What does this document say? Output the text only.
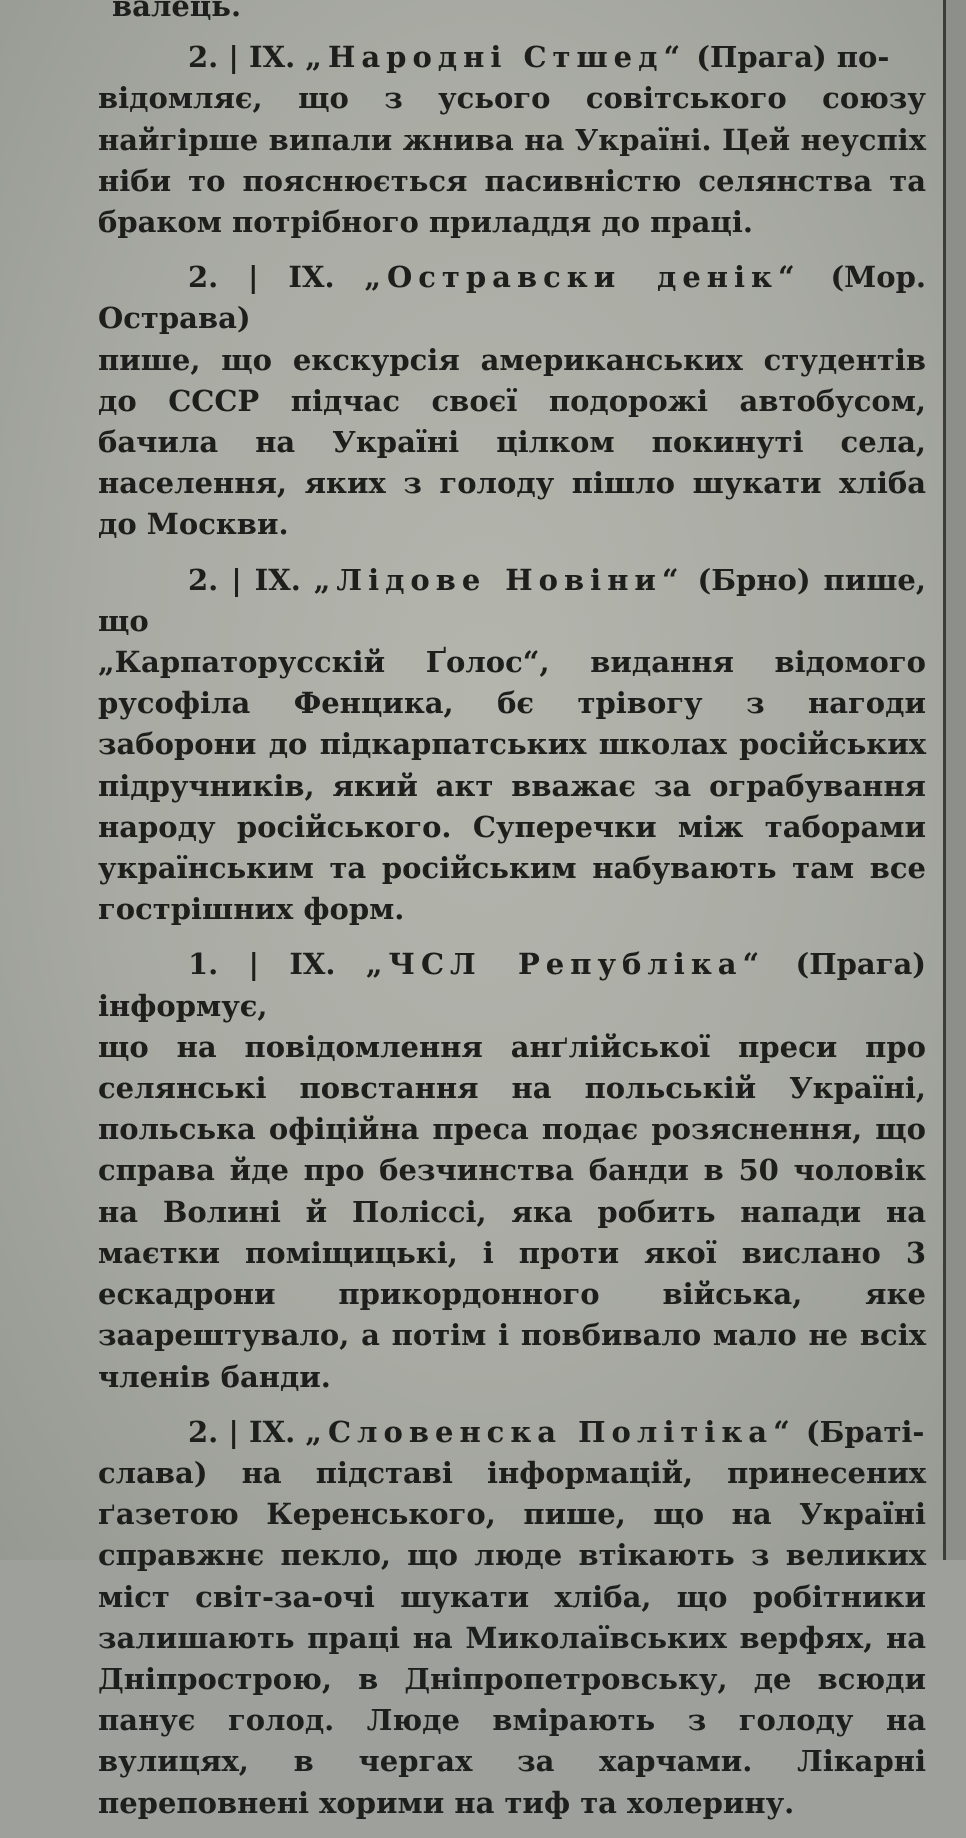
валець.

2. | IX. „Народні Стшед“ (Прага) по-
відомляє, що з усього совітського союзу найгірше випали жнива на Україні. Цей неуспіх ніби то пояснюється пасивністю селянства та браком потрібного приладдя до праці.

2. | IX. „Остравски денік“ (Мор. Острава)
пише, що екскурсія американських студентів до СССР підчас своєї подорожі автобусом, бачила на Україні цілком покинуті села, населення, яких з голоду пішло шукати хліба до Москви.

2. | IX. „Лідове Новіни“ (Брно) пише, що
„Карпаторусскій Ґолос“, видання відомого русофіла Фенцика, бє трівогу з нагоди заборони до підкарпатських школах російських підручників, який акт вважає за ограбування народу російського. Суперечки між таборами українським та російським набувають там все гострішних форм.

1. | IX. „ЧСЛ Републіка“ (Прага) інформує,
що на повідомлення анґлійської преси про селянські повстання на польській Україні, польська офіційна преса подає розяснення, що справа йде про безчинства банди в 50 чоловік на Волині й Поліссі, яка робить напади на маєтки поміщицькі, і проти якої вислано 3 ескадрони прикордонного війська, яке заарештувало, а потім і повбивало мало не всіх членів банди.

2. | IX. „Словенска Політіка“ (Браті-
слава) на підставі інформацій, принесених ґазетою Керенського, пише, що на Україні справжнє пекло, що люде втікають з великих міст світ-за-очі шукати хліба, що робітники залишають праці на Миколаївських верфях, на Дніпрострою, в Дніпропетровську, де всюди панує голод. Люде вмірають з голоду на вулицях, в чергах за харчами. Лікарні переповнені хорими на тиф та холерину.
